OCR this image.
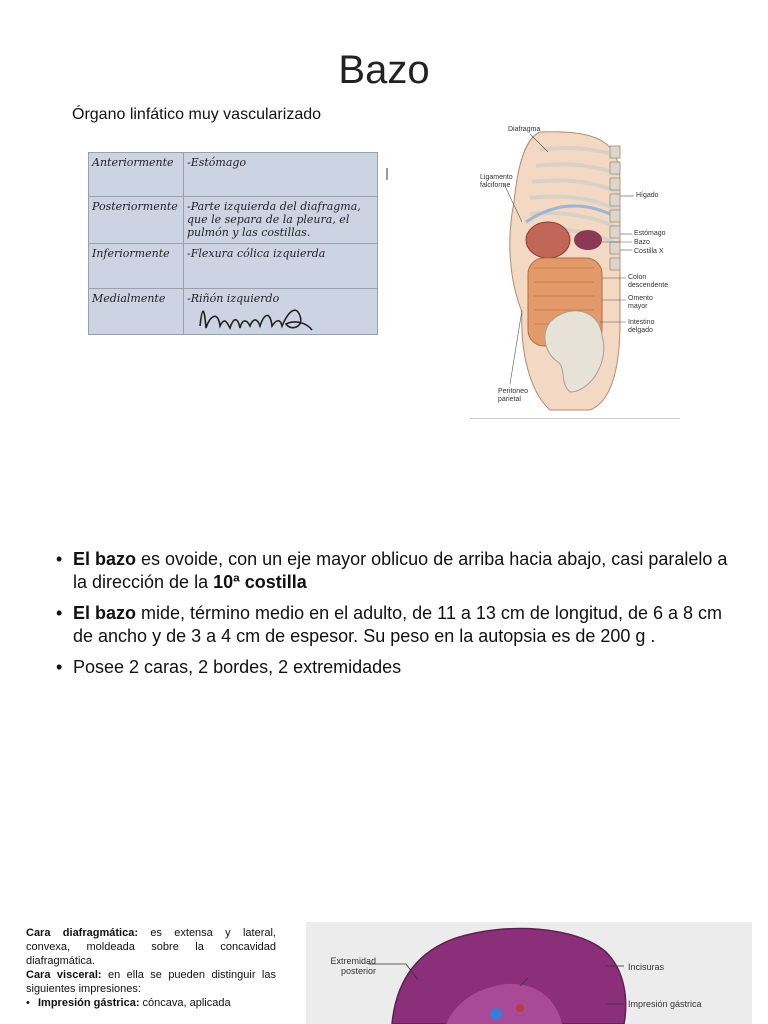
Bazo
Órgano linfático muy vascularizado
Anteriormente	-Estómago
Posteriormente	-Parte izquierda del diafragma, que le separa de la pleura, el pulmón y las costillas.
Inferiormente	-Flexura cólica izquierda
Medialmente	-Riñón izquierdo
Diafragma
Ligamento falciforme
Hígado
Estómago
Bazo
Costilla X
Colon descendente
Omento mayor
Intestino delgado
Peritoneo parietal
• El bazo es ovoide, con un eje mayor oblicuo de arriba hacia abajo, casi paralelo a la dirección de la 10ª costilla
• El bazo mide, término medio en el adulto, de 11 a 13 cm de longitud, de 6 a 8 cm de ancho y de 3 a 4 cm de espesor. Su peso en la autopsia es de 200 g .
• Posee 2 caras, 2 bordes, 2 extremidades
Cara diafragmática: es extensa y lateral, convexa, moldeada sobre la concavidad diafragmática.
Cara visceral: en ella se pueden distinguir las siguientes impresiones:
• Impresión gástrica: cóncava, aplicada
Extremidad posterior	Incisuras
Impresión gástrica
